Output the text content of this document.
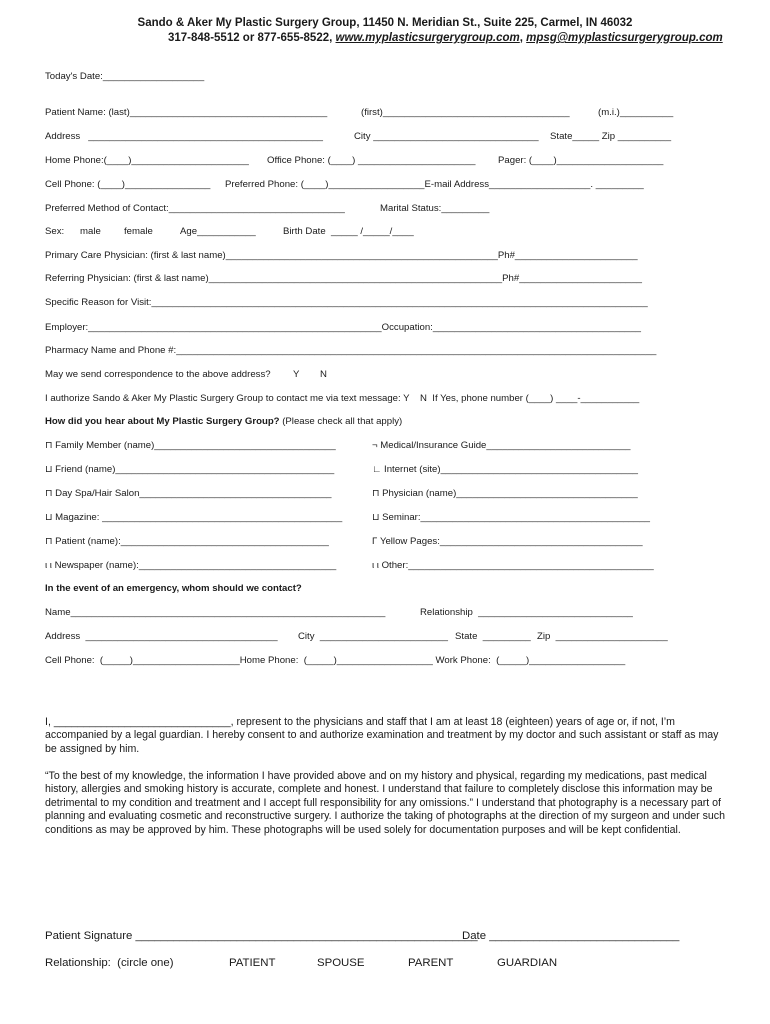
Sando & Aker My Plastic Surgery Group, 11450 N. Meridian St., Suite 225, Carmel, IN 46032
317-848-5512 or 877-655-8522, www.myplasticsurgerygroup.com, mpsg@myplasticsurgerygroup.com
Today's Date:___________________
Patient Name: (last)_____________________________________	(first)___________________________________	(m.i.)__________
Address   ____________________________________________	City _______________________________ State_____ Zip __________
Home Phone:(____)______________________ Office Phone: (____) ______________________ Pager: (____)____________________
Cell Phone: (____)________________ Preferred Phone: (____)__________________E-mail Address___________________. _________
Preferred Method of Contact:_________________________________	Marital Status:_________
Sex: male female	Age___________	Birth Date  _____ /_____/____
Primary Care Physician: (first & last name)___________________________________________________Ph#_______________________
Referring Physician: (first & last name)_______________________________________________________Ph#_______________________
Specific Reason for Visit:_____________________________________________________________________________________________
Employer:_______________________________________________________Occupation:_______________________________________
Pharmacy Name and Phone #:__________________________________________________________________________________________
May we send correspondence to the above address? Y N
I authorize Sando & Aker My Plastic Surgery Group to contact me via text message: Y    N  If Yes, phone number (____) ____-___________
How did you hear about My Plastic Surgery Group? (Please check all that apply)
⊓ Family Member (name)__________________________________	¬ Medical/Insurance Guide___________________________
⊔ Friend (name)_________________________________________	∟ Internet (site)_____________________________________
⊓ Day Spa/Hair Salon____________________________________	⊓ Physician (name)__________________________________
⊔ Magazine: _____________________________________________	⊔ Seminar:___________________________________________
⊓ Patient (name):_______________________________________	Γ Yellow Pages:______________________________________
ι ι Newspaper (name):_____________________________________	ι ι Other:______________________________________________
In the event of an emergency, whom should we contact?
Name___________________________________________________________	Relationship  _____________________________
Address  ____________________________________ City  ________________________ State  _________ Zip  _____________________
Cell Phone:  (_____)____________________Home Phone:  (_____)__________________ Work Phone:  (_____)__________________
I, ______________________________, represent to the physicians and staff that I am at least 18 (eighteen) years of age or, if not, I’m accompanied by a legal guardian. I hereby consent to and authorize examination and treatment by my doctor and such assistant or staff as may be assigned by him.
“To the best of my knowledge, the information I have provided above and on my history and physical, regarding my medications, past medical history, allergies and smoking history is accurate, complete and honest. I understand that failure to completely disclose this information may be detrimental to my condition and treatment and I accept full responsibility for any omissions.” I understand that photography is a necessary part of planning and evaluating cosmetic and reconstructive surgery. I authorize the taking of photographs at the direction of my surgeon and under such conditions as may be approved by him. These photographs will be used solely for documentation purposes and will be kept confidential.
Patient Signature ______________________________________________________
Date ______________________________
Relationship:  (circle one)	PATIENT	SPOUSE	PARENT	GUARDIAN
